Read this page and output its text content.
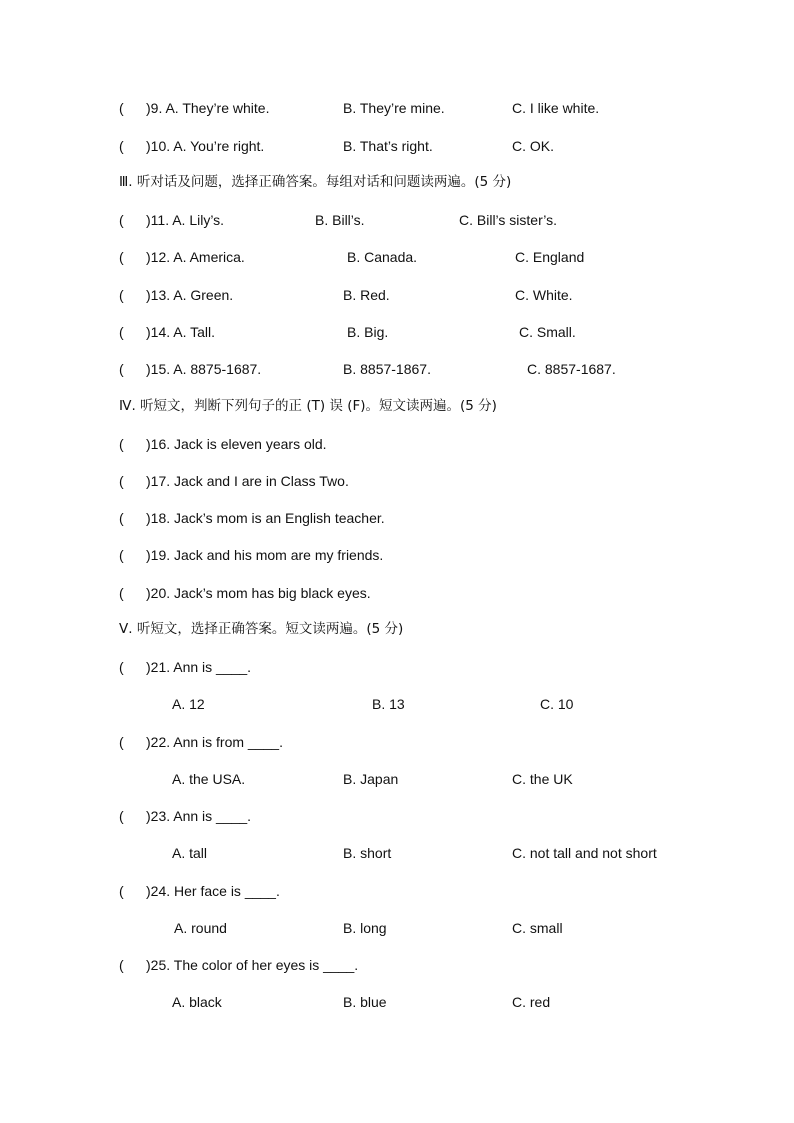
( )9. A. They’re white.	B. They’re mine.	C. I like white.
( )10. A. You’re right.	B. That’s right.	C. OK.
Ⅲ. 听对话及问题，选择正确答案。每组对话和问题读两遍。(5 分)
( )11. A. Lily’s.	B. Bill’s.	C. Bill’s sister’s.
( )12. A. America.	B. Canada.	C. England
( )13. A. Green.	B. Red.	C. White.
( )14. A. Tall.	B. Big.	C. Small.
( )15. A. 8875-1687.	B. 8857-1867.	C. 8857-1687.
Ⅳ. 听短文，判断下列句子的正 (T) 误 (F)。短文读两遍。(5 分)
( )16. Jack is eleven years old.
( )17. Jack and I are in Class Two.
( )18. Jack’s mom is an English teacher.
( )19. Jack and his mom are my friends.
( )20. Jack’s mom has big black eyes.
Ⅴ. 听短文，选择正确答案。短文读两遍。(5 分)
( )21. Ann is ____.
A. 12	B. 13	C. 10
( )22. Ann is from ____.
A. the USA.	B. Japan	C. the UK
( )23. Ann is ____.
A. tall	B. short	C. not tall and not short
( )24. Her face is ____.
A. round	B. long	C. small
( )25. The color of her eyes is ____.
A. black	B. blue	C. red
